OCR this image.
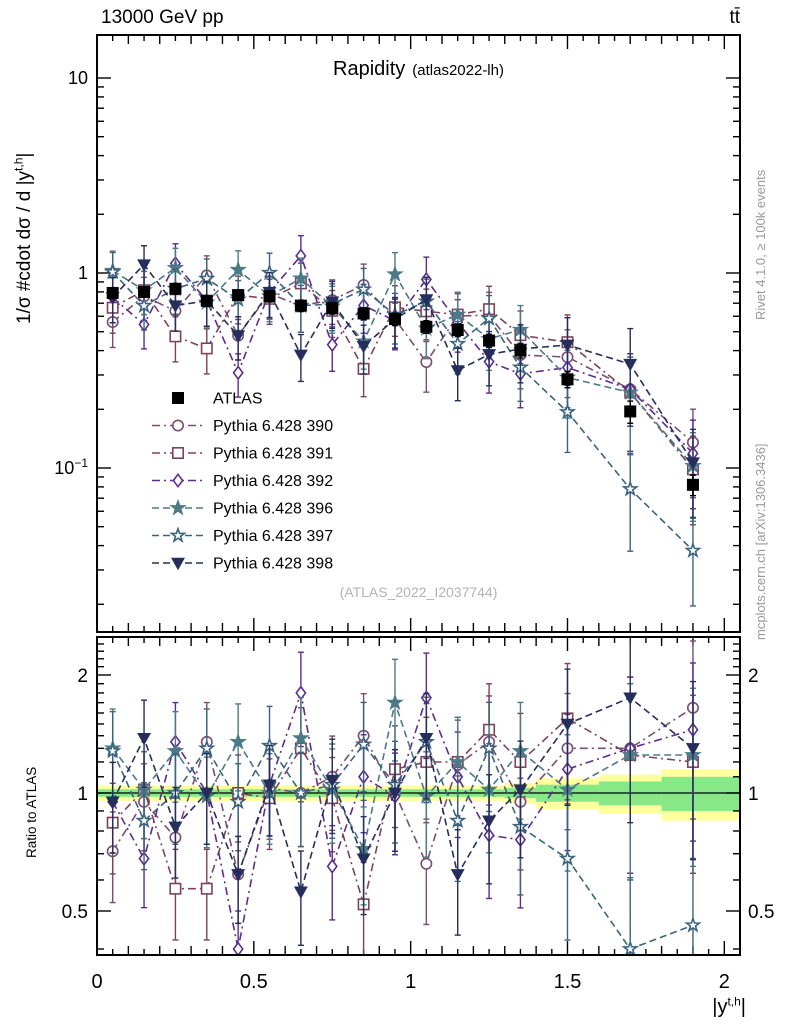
10
1
$10^{-1}$
2	2
1	1
0.5	0.5
0	0.5	1	1.5	2
ATLAS
Pythia 6.428 390
Pythia 6.428 391
Pythia 6.428 392
Pythia 6.428 396
Pythia 6.428 397
Pythia 6.428 398
13000 GeV pp	tt̄
Rapidity (atlas2022-lh)
1/σ #cdot dσ / d $|y^{t,h}|$
Ratio to ATLAS
Rivet 4.1.0, ≥ 100k events
mcplots.cern.ch [arXiv:1306.3436]
(ATLAS_2022_I2037744)
$|y^{t,h}|$
